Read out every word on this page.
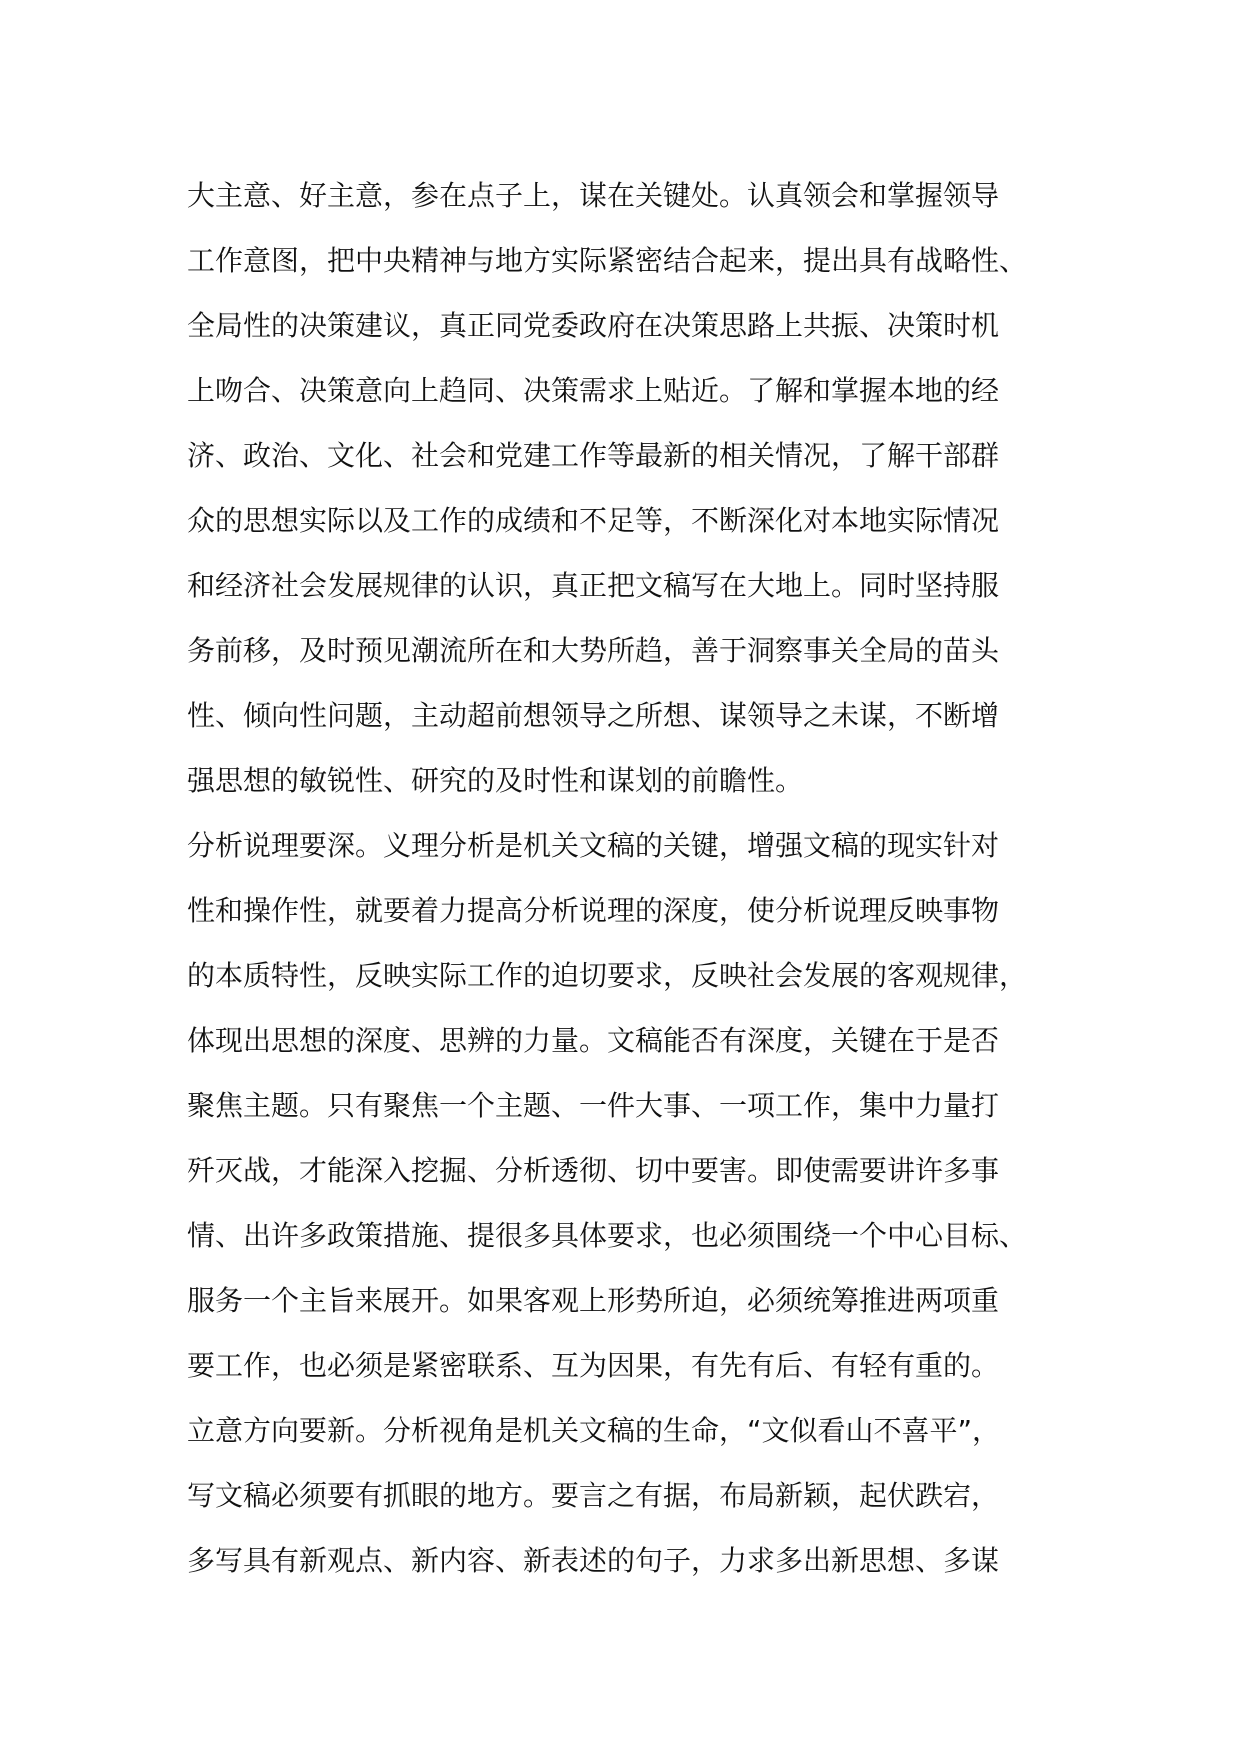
大主意、好主意，参在点子上，谋在关键处。认真领会和掌握领导
工作意图，把中央精神与地方实际紧密结合起来，提出具有战略性、
全局性的决策建议，真正同党委政府在决策思路上共振、决策时机
上吻合、决策意向上趋同、决策需求上贴近。了解和掌握本地的经
济、政治、文化、社会和党建工作等最新的相关情况，了解干部群
众的思想实际以及工作的成绩和不足等，不断深化对本地实际情况
和经济社会发展规律的认识，真正把文稿写在大地上。同时坚持服
务前移，及时预见潮流所在和大势所趋，善于洞察事关全局的苗头
性、倾向性问题，主动超前想领导之所想、谋领导之未谋，不断增
强思想的敏锐性、研究的及时性和谋划的前瞻性。
分析说理要深。义理分析是机关文稿的关键，增强文稿的现实针对
性和操作性，就要着力提高分析说理的深度，使分析说理反映事物
的本质特性，反映实际工作的迫切要求，反映社会发展的客观规律，
体现出思想的深度、思辨的力量。文稿能否有深度，关键在于是否
聚焦主题。只有聚焦一个主题、一件大事、一项工作，集中力量打
歼灭战，才能深入挖掘、分析透彻、切中要害。即使需要讲许多事
情、出许多政策措施、提很多具体要求，也必须围绕一个中心目标、
服务一个主旨来展开。如果客观上形势所迫，必须统筹推进两项重
要工作，也必须是紧密联系、互为因果，有先有后、有轻有重的。
立意方向要新。分析视角是机关文稿的生命，“文似看山不喜平”，
写文稿必须要有抓眼的地方。要言之有据，布局新颖，起伏跌宕，
多写具有新观点、新内容、新表述的句子，力求多出新思想、多谋
